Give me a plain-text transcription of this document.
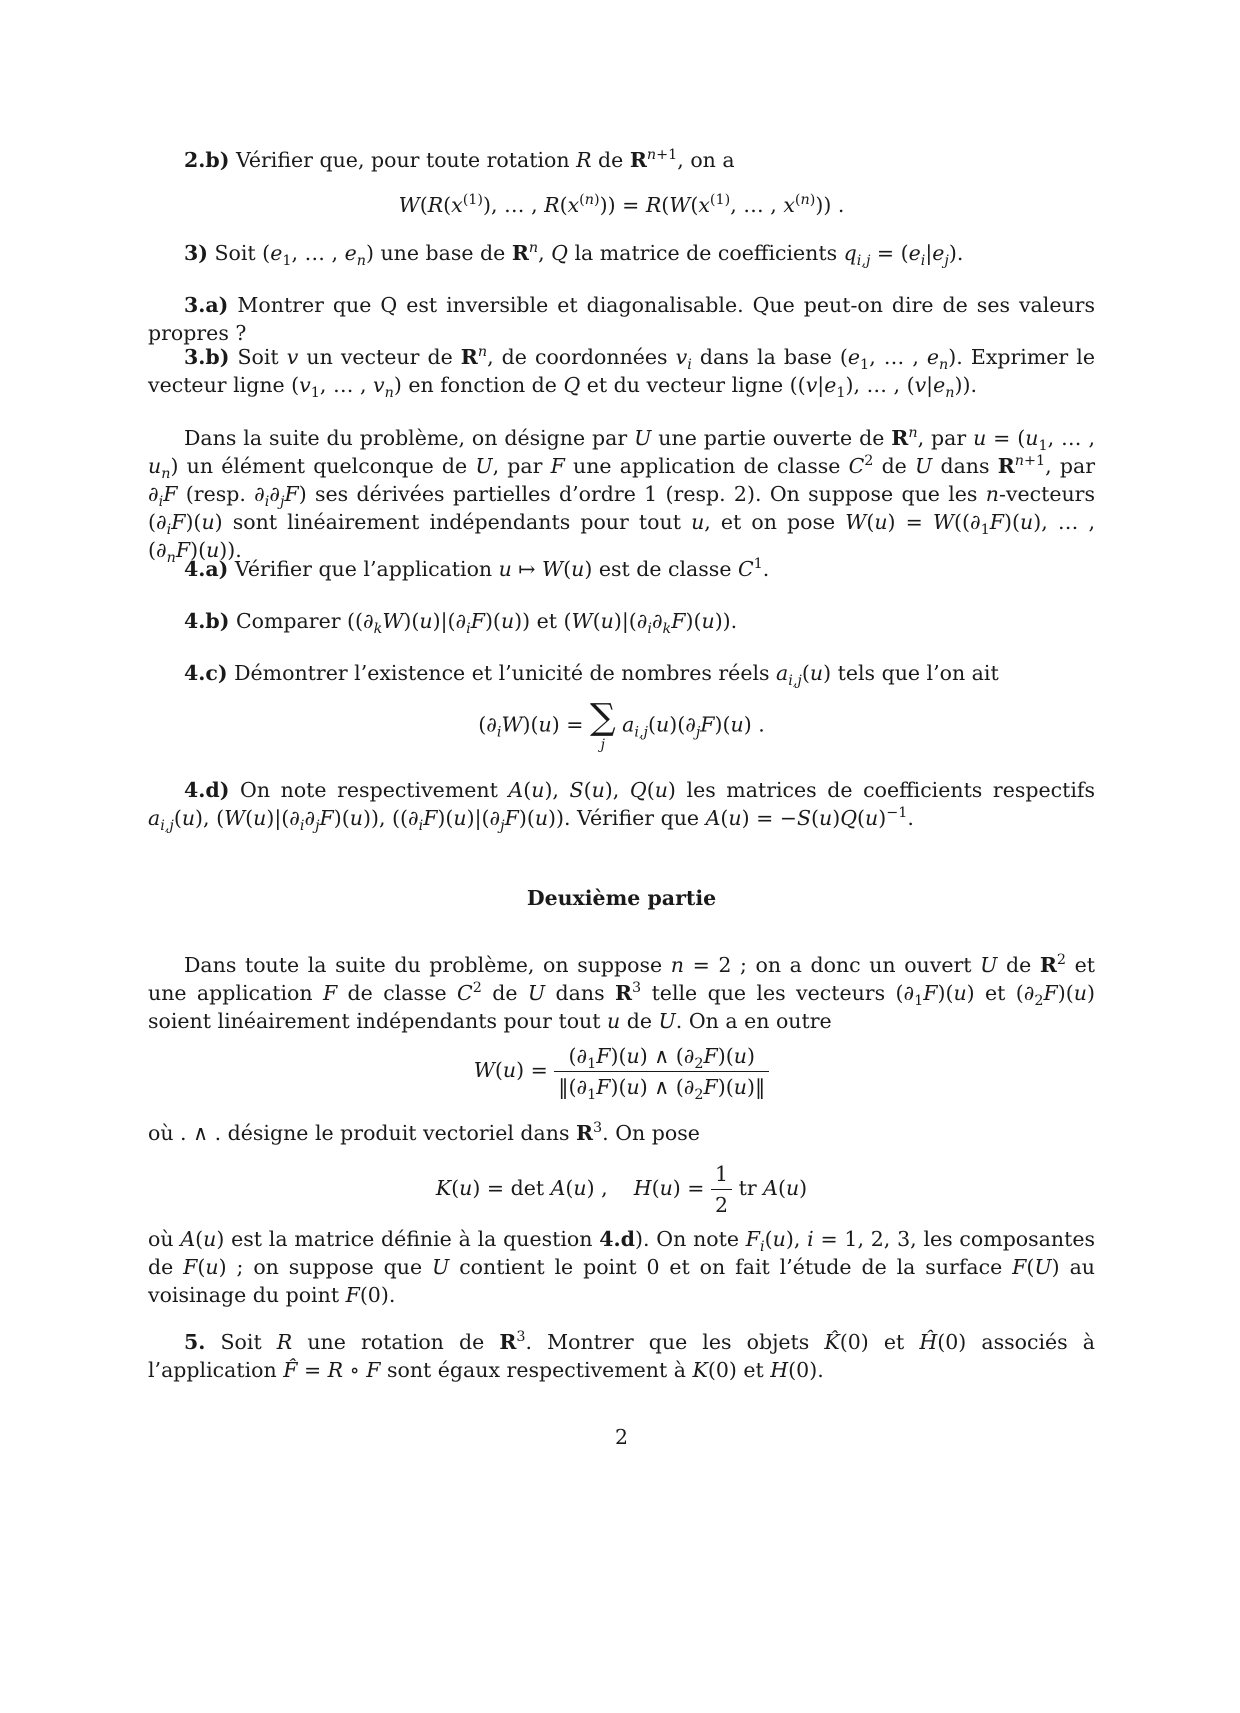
2.b) Vérifier que, pour toute rotation R de $R^{n+1}$, on a

$W(R(x^{(1)})$, … , $R(x^{(n)})) = R(W(x^{(1)}$, … , $x^{(n)}$)) .

3) Soit ($e_1$, … , $e_n$) une base de $R^n$, Q la matrice de coefficients $q_{i,j} = (e_i|e_j)$.

3.a) Montrer que Q est inversible et diagonalisable. Que peut-on dire de ses valeurs propres ?

3.b) Soit v un vecteur de $R^n$, de coordonnées $v_i$ dans la base ($e_1$, … , $e_n$). Exprimer le vecteur ligne ($v_1$, … , $v_n$) en fonction de Q et du vecteur ligne ($(v|e_1)$, … , $(v|e_n)$).

Dans la suite du problème, on désigne par U une partie ouverte de $R^n$, par $u = (u_1$, … , $u_n$) un élément quelconque de U, par F une application de classe $C^2$ de U dans $R^{n+1}$, par $\partial_iF$ (resp. $\partial_i\partial_jF$) ses dérivées partielles d’ordre 1 (resp. 2). On suppose que les n-vecteurs $(\partial_iF)(u)$ sont linéairement indépendants pour tout u, et on pose $W(u) = W((\partial_1F)(u)$, … , $(\partial_nF)(u)$).

4.a) Vérifier que l’application u ↦ W(u) est de classe $C^1$.

4.b) Comparer $((\partial_kW)(u)|(\partial_iF)(u))$ et $(W(u)|(\partial_i\partial_kF)(u))$.

4.c) Démontrer l’existence et l’unicité de nombres réels $a_{i,j}(u)$ tels que l’on ait

$(\partial_iW)(u)$ = ∑
j
$a_{i,j}(u)(\partial_jF)(u)$ .

4.d) On note respectivement A(u), S(u), Q(u) les matrices de coefficients respectifs $a_{i,j}(u)$, $(W(u)|(\partial_i\partial_jF)(u))$, $((\partial_iF)(u)|(\partial_jF)(u))$. Vérifier que $A(u) = -S(u)Q(u)^{-1}$.

Deuxième partie

Dans toute la suite du problème, on suppose n = 2 ; on a donc un ouvert U de $R^2$ et une application F de classe $C^2$ de U dans $R^3$ telle que les vecteurs $(\partial_1F)(u)$ et $(\partial_2F)(u)$ soient linéairement indépendants pour tout u de U. On a en outre

$W(u) = \frac{(\partial_1F)(u) \wedge (\partial_2F)(u)}{‖(\partial_1F)(u) \wedge (\partial_2F)(u)‖}$

où . ∧ . désigne le produit vectoriel dans $R^3$. On pose

K(u) = det A(u) ,    $H(u) = \frac{1}{2}$ tr A(u)

où A(u) est la matrice définie à la question 4.d). On note $F_i(u)$, i = 1, 2, 3, les composantes de F(u) ; on suppose que U contient le point 0 et on fait l’étude de la surface F(U) au voisinage du point F(0).

5. Soit R une rotation de $R^3$. Montrer que les objets K̂(0) et Ĥ(0) associés à l’application F̂ = R ∘ F sont égaux respectivement à K(0) et H(0).

2
